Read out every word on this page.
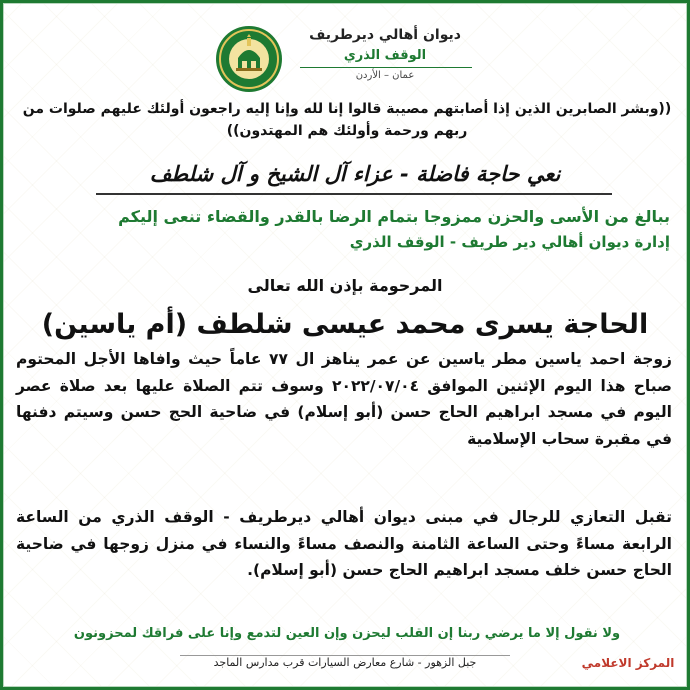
ديوان أهالي ديرطريف
الوقف الذري
عمان – الأردن
((وبشر الصابرين الذين إذا أصابتهم مصيبة قالوا إنا لله وإنا إليه راجعون أولئك عليهم صلوات من ربهم ورحمة وأولئك هم المهتدون))
نعي حاجة فاضلة - عزاء آل الشيخ و آل شلطف
ببالغ من الأسى والحزن ممزوجا بتمام الرضا بالقدر والقضاء تنعى إليكم
إدارة ديوان أهالي دير طريف - الوقف الذري
المرحومة بإذن الله تعالى
الحاجة يسرى محمد عيسى شلطف (أم ياسين)
زوجة احمد ياسين مطر ياسين عن عمر يناهز ال ٧٧ عاماً حيث وافاها الأجل المحتوم صباح هذا اليوم الإثنين الموافق ٢٠٢٢/٠٧/٠٤ وسوف تتم الصلاة عليها بعد صلاة عصر اليوم في مسجد ابراهيم الحاج حسن (أبو إسلام) في ضاحية الحج حسن وسيتم دفنها في مقبرة سحاب الإسلامية
تقبل التعازي للرجال في مبنى ديوان أهالي ديرطريف - الوقف الذري من الساعة الرابعة مساءً وحتى الساعة الثامنة والنصف مساءً والنساء في منزل زوجها في ضاحية الحاج حسن خلف مسجد ابراهيم الحاج حسن (أبو إسلام).
ولا نقول إلا ما يرضي ربنا إن القلب ليحزن وإن العين لتدمع وإنا على فراقك لمحزونون
جبل الزهور - شارع معارض السيارات قرب مدارس الماجد	المركز الاعلامي
